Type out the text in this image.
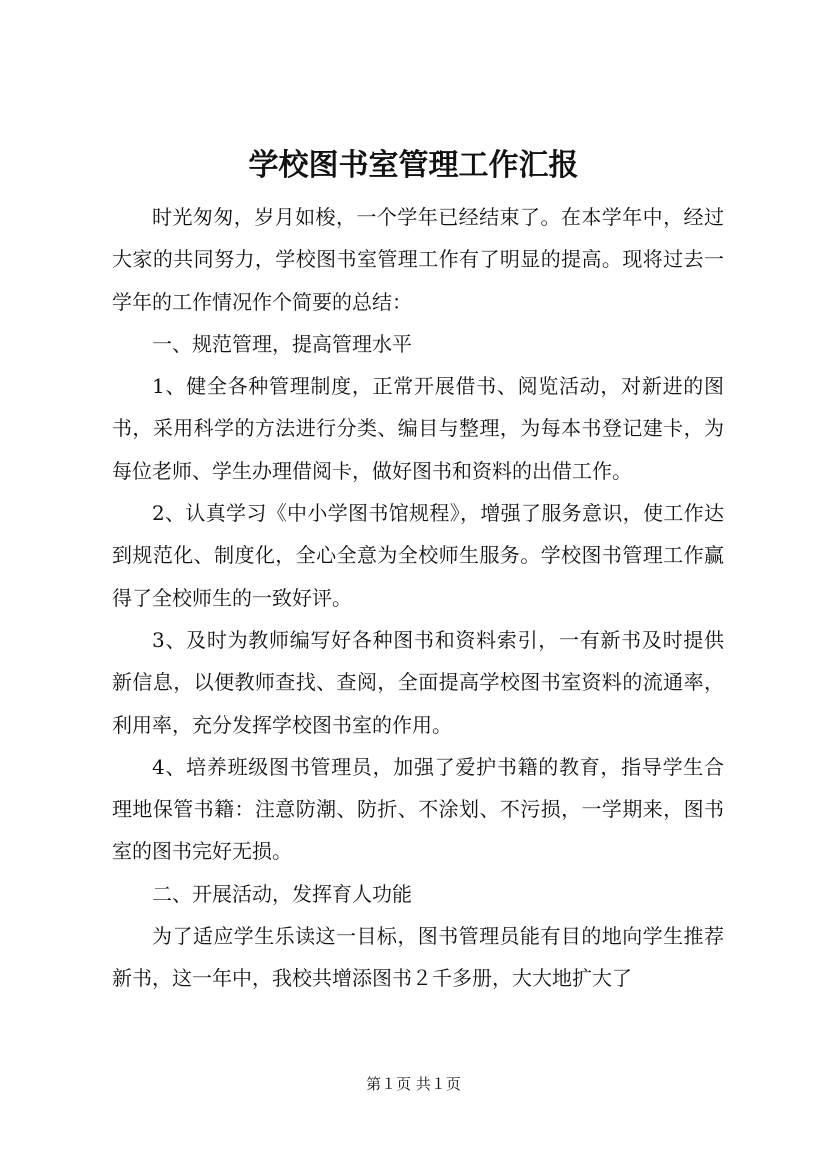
学校图书室管理工作汇报

时光匆匆，岁月如梭，一个学年已经结束了。在本学年中，经过大家的共同努力，学校图书室管理工作有了明显的提高。现将过去一学年的工作情况作个简要的总结：

一、规范管理，提高管理水平

1、健全各种管理制度，正常开展借书、阅览活动，对新进的图书，采用科学的方法进行分类、编目与整理，为每本书登记建卡，为每位老师、学生办理借阅卡，做好图书和资料的出借工作。

2、认真学习《中小学图书馆规程》，增强了服务意识，使工作达到规范化、制度化，全心全意为全校师生服务。学校图书管理工作赢得了全校师生的一致好评。

3、及时为教师编写好各种图书和资料索引，一有新书及时提供新信息，以便教师查找、查阅，全面提高学校图书室资料的流通率，利用率，充分发挥学校图书室的作用。

4、培养班级图书管理员，加强了爱护书籍的教育，指导学生合理地保管书籍：注意防潮、防折、不涂划、不污损，一学期来，图书室的图书完好无损。

二、开展活动，发挥育人功能

为了适应学生乐读这一目标，图书管理员能有目的地向学生推荐新书，这一年中，我校共增添图书２千多册，大大地扩大了

第１页 共１页
